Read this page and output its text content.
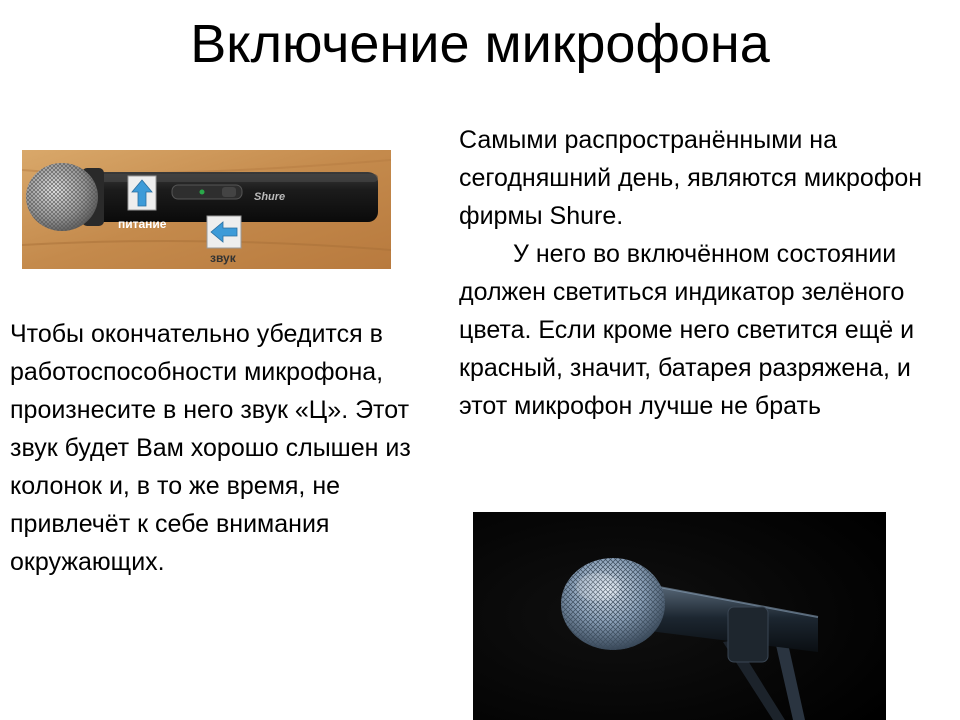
Включение микрофона
Shure
питание
звук
Самыми распространёнными на сегодняшний день, являются микрофон фирмы Shure.
У него во включённом состоянии должен светиться индикатор зелёного цвета. Если кроме него светится ещё и красный, значит, батарея разряжена, и этот микрофон лучше не брать

Чтобы окончательно убедится в работоспособности микрофона, произнесите в него звук «Ц». Этот звук будет Вам хорошо слышен из колонок и, в то же время, не привлечёт к себе внимания окружающих.
